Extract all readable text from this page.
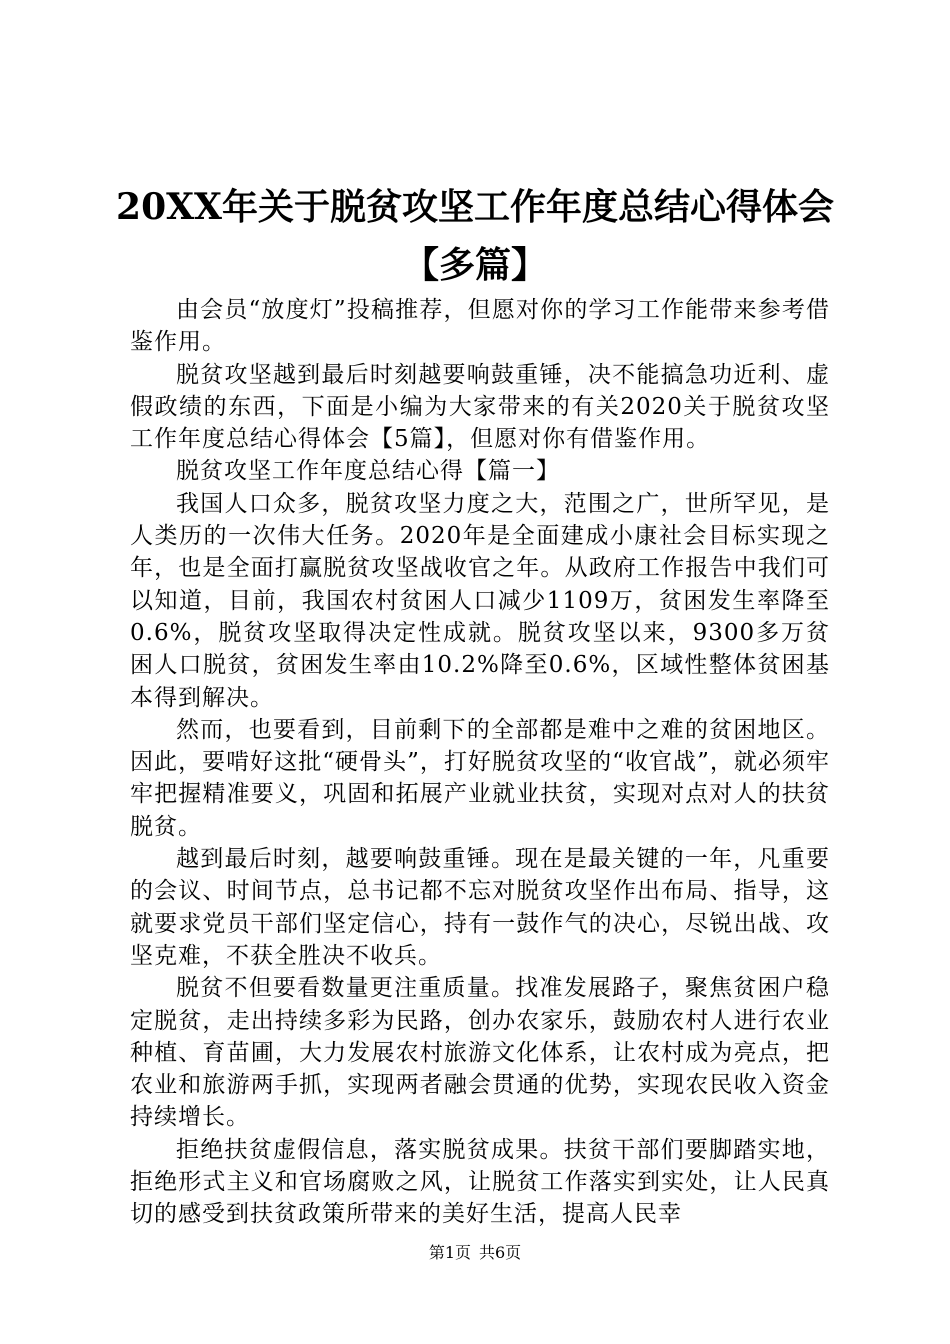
20XX年关于脱贫攻坚工作年度总结心得体会
【多篇】

由会员“放度灯”投稿推荐，但愿对你的学习工作能带来参考借鉴作用。

脱贫攻坚越到最后时刻越要响鼓重锤，决不能搞急功近利、虚假政绩的东西，下面是小编为大家带来的有关2020关于脱贫攻坚工作年度总结心得体会【5篇】，但愿对你有借鉴作用。

脱贫攻坚工作年度总结心得【篇一】

我国人口众多，脱贫攻坚力度之大，范围之广，世所罕见，是人类历的一次伟大任务。2020年是全面建成小康社会目标实现之年，也是全面打赢脱贫攻坚战收官之年。从政府工作报告中我们可以知道，目前，我国农村贫困人口减少1109万，贫困发生率降至0.6%，脱贫攻坚取得决定性成就。脱贫攻坚以来，9300多万贫困人口脱贫，贫困发生率由10.2%降至0.6%，区域性整体贫困基本得到解决。

然而，也要看到，目前剩下的全部都是难中之难的贫困地区。因此，要啃好这批“硬骨头”，打好脱贫攻坚的“收官战”，就必须牢牢把握精准要义，巩固和拓展产业就业扶贫，实现对点对人的扶贫脱贫。

越到最后时刻，越要响鼓重锤。现在是最关键的一年，凡重要的会议、时间节点，总书记都不忘对脱贫攻坚作出布局、指导，这就要求党员干部们坚定信心，持有一鼓作气的决心，尽锐出战、攻坚克难，不获全胜决不收兵。

脱贫不但要看数量更注重质量。找准发展路子，聚焦贫困户稳定脱贫，走出持续多彩为民路，创办农家乐，鼓励农村人进行农业种植、育苗圃，大力发展农村旅游文化体系，让农村成为亮点，把农业和旅游两手抓，实现两者融会贯通的优势，实现农民收入资金持续增长。

拒绝扶贫虚假信息，落实脱贫成果。扶贫干部们要脚踏实地，拒绝形式主义和官场腐败之风，让脱贫工作落实到实处，让人民真切的感受到扶贫政策所带来的美好生活，提高人民幸

第1页 共6页
